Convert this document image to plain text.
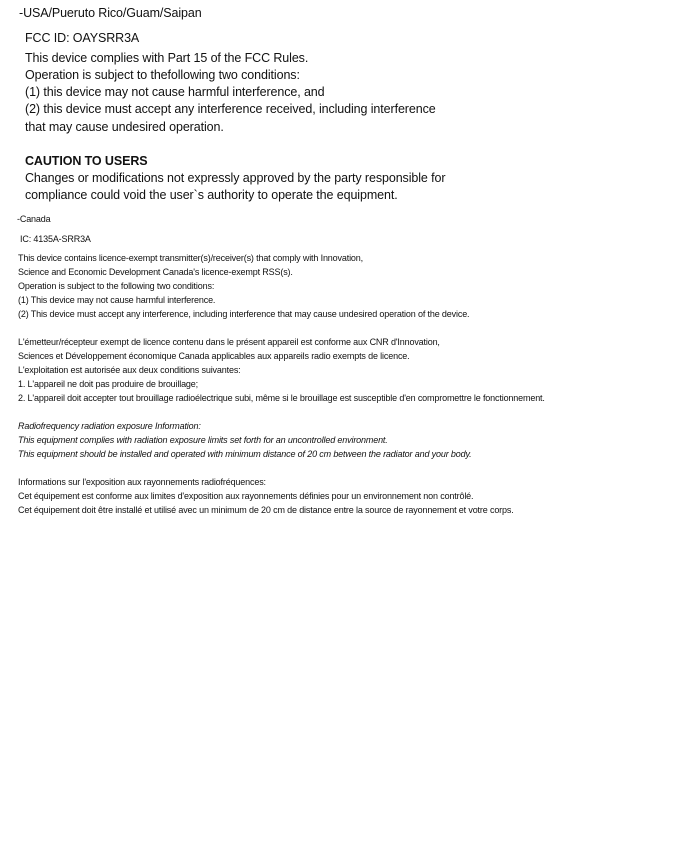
-USA/Pueruto Rico/Guam/Saipan

FCC ID: OAYSRR3A

This device complies with Part 15 of the FCC Rules.

Operation is subject to thefollowing two conditions:

(1) this device may not cause harmful interference, and

(2) this device must accept any interference received, including interference

that may cause undesired operation.

CAUTION TO USERS

Changes or modifications not expressly approved by the party responsible for

compliance could void the user`s authority to operate the equipment.

-Canada

IC: 4135A-SRR3A

This device contains licence-exempt transmitter(s)/receiver(s) that comply with Innovation,

Science and Economic Development Canada's licence-exempt RSS(s).

Operation is subject to the following two conditions:

(1) This device may not cause harmful interference.

(2) This device must accept any interference, including interference that may cause undesired operation of the device.

L'émetteur/récepteur exempt de licence contenu dans le présent appareil est conforme aux CNR d'Innovation,

Sciences et Développement économique Canada applicables aux appareils radio exempts de licence.

L'exploitation est autorisée aux deux conditions suivantes:

1. L'appareil ne doit pas produire de brouillage;

2. L'appareil doit accepter tout brouillage radioélectrique subi, même si le brouillage est susceptible d'en compromettre le fonctionnement.

Radiofrequency radiation exposure Information:

This equipment complies with radiation exposure limits set forth for an uncontrolled environment.

This equipment should be installed and operated with minimum distance of 20 cm between the radiator and your body.

Informations sur l'exposition aux rayonnements radiofréquences:

Cet équipement est conforme aux limites d'exposition aux rayonnements définies pour un environnement non contrôlé.

Cet équipement doit être installé et utilisé avec un minimum de 20 cm de distance entre la source de rayonnement et votre corps.
